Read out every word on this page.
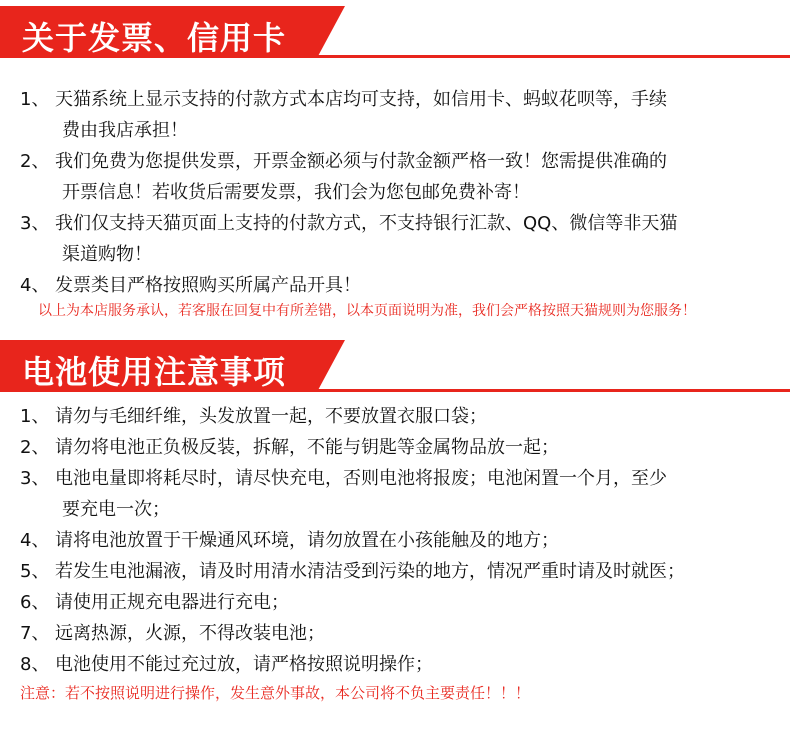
关于发票、信用卡
1、 天猫系统上显示支持的付款方式本店均可支持，如信用卡、蚂蚁花呗等，手续
费由我店承担！
2、 我们免费为您提供发票，开票金额必须与付款金额严格一致！您需提供准确的
开票信息！若收货后需要发票，我们会为您包邮免费补寄！
3、 我们仅支持天猫页面上支持的付款方式，不支持银行汇款、QQ、微信等非天猫
渠道购物！
4、 发票类目严格按照购买所属产品开具！
以上为本店服务承认，若客服在回复中有所差错，以本页面说明为准，我们会严格按照天猫规则为您服务！
电池使用注意事项
1、 请勿与毛细纤维，头发放置一起，不要放置衣服口袋；
2、 请勿将电池正负极反装，拆解，不能与钥匙等金属物品放一起；
3、 电池电量即将耗尽时，请尽快充电，否则电池将报废；电池闲置一个月，至少
要充电一次；
4、 请将电池放置于干燥通风环境，请勿放置在小孩能触及的地方；
5、 若发生电池漏液，请及时用清水清洁受到污染的地方，情况严重时请及时就医；
6、 请使用正规充电器进行充电；
7、 远离热源，火源，不得改装电池；
8、 电池使用不能过充过放，请严格按照说明操作；
注意：若不按照说明进行操作，发生意外事故，本公司将不负主要责任！！！
